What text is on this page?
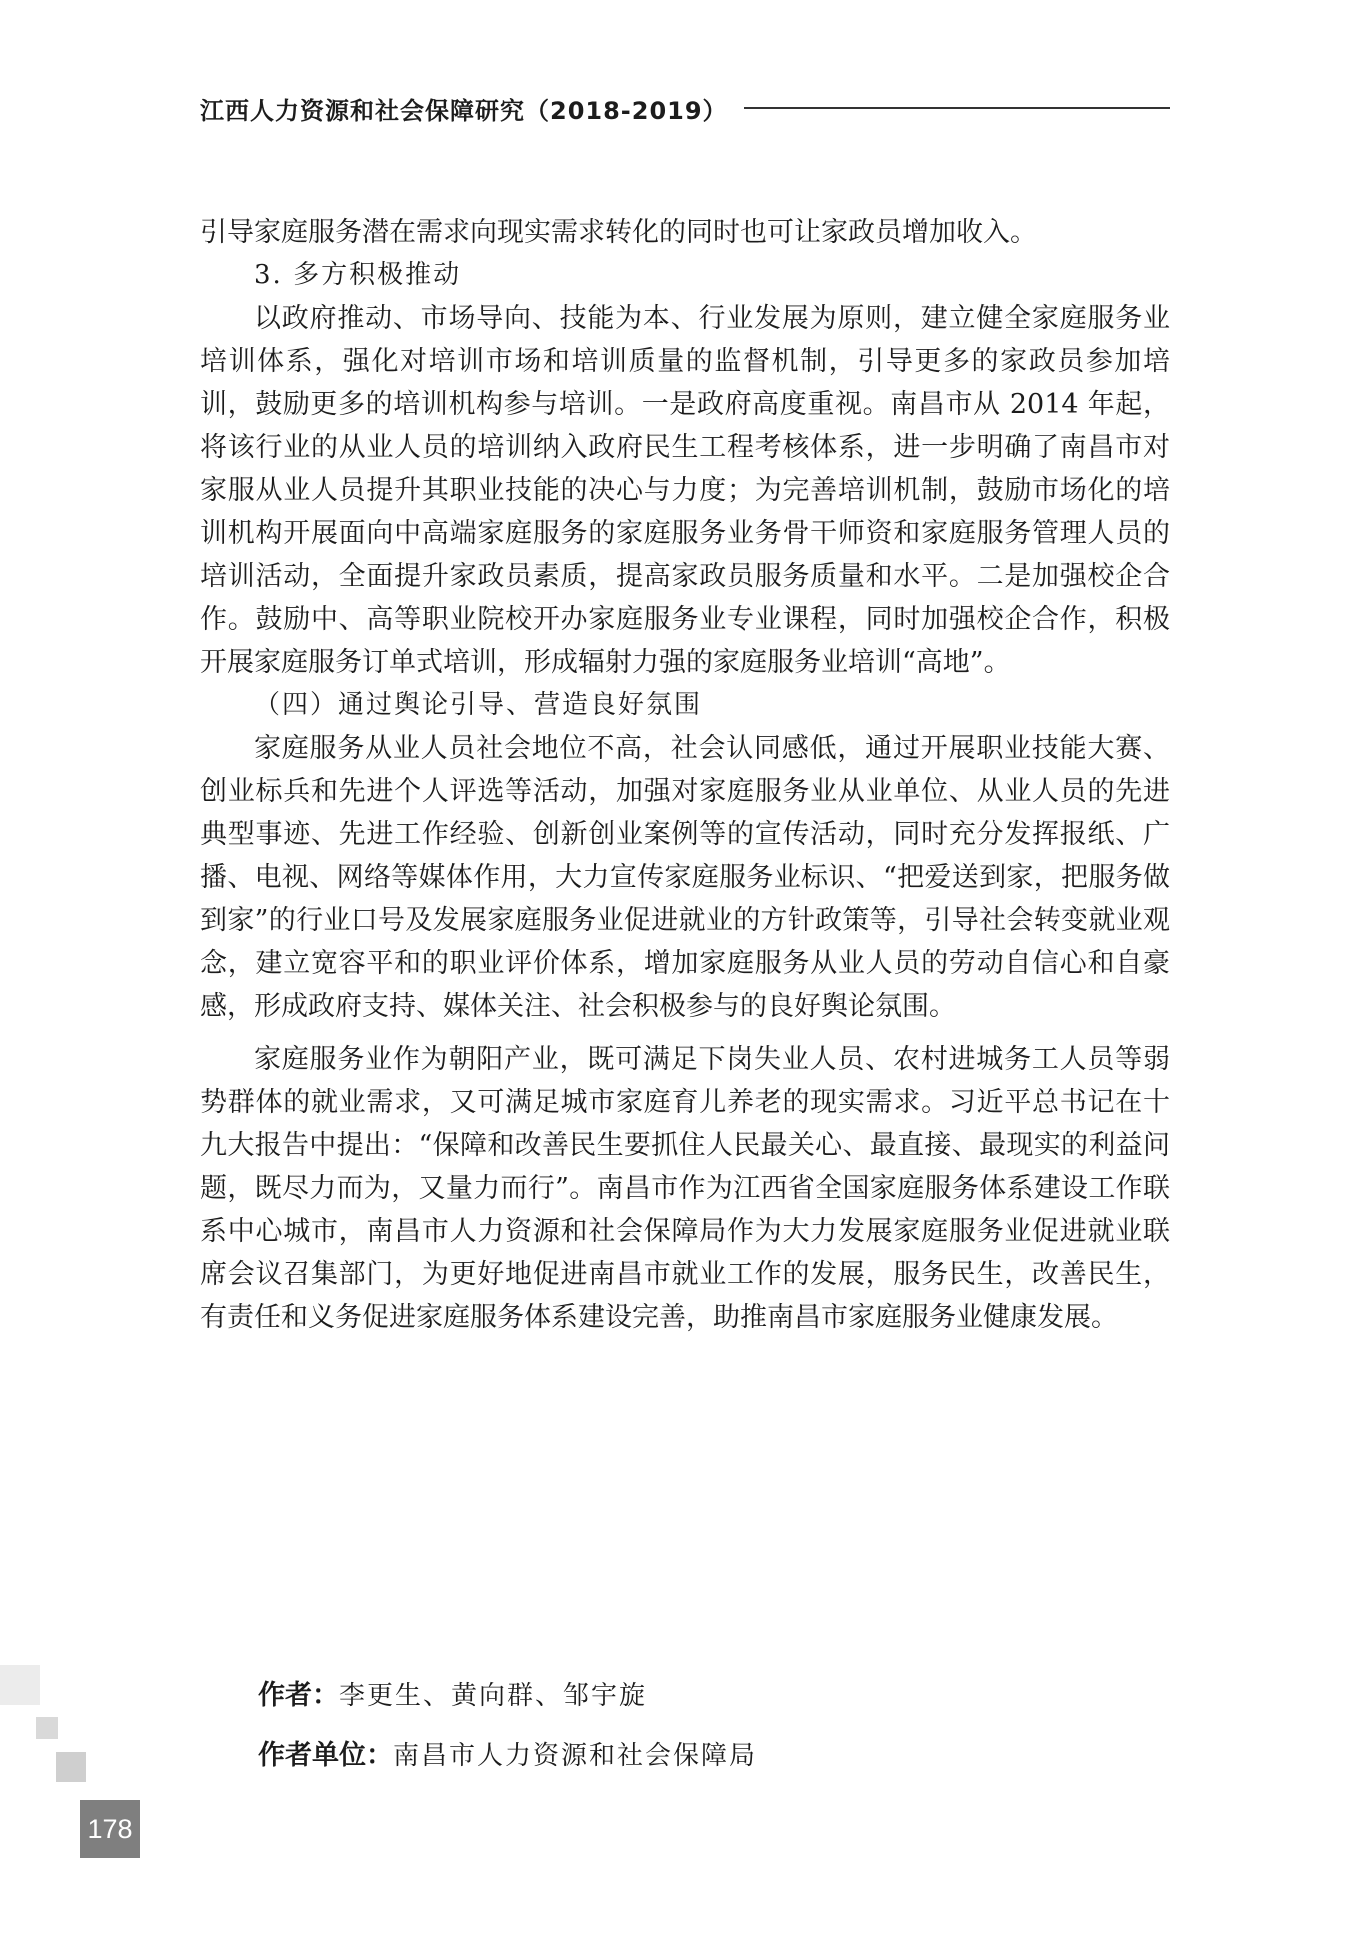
江西人力资源和社会保障研究（2018-2019）

引导家庭服务潜在需求向现实需求转化的同时也可让家政员增加收入。

3. 多方积极推动

以政府推动、市场导向、技能为本、行业发展为原则，建立健全家庭服务业培训体系，强化对培训市场和培训质量的监督机制，引导更多的家政员参加培训，鼓励更多的培训机构参与培训。一是政府高度重视。南昌市从 2014 年起，将该行业的从业人员的培训纳入政府民生工程考核体系，进一步明确了南昌市对家服从业人员提升其职业技能的决心与力度；为完善培训机制，鼓励市场化的培训机构开展面向中高端家庭服务的家庭服务业务骨干师资和家庭服务管理人员的培训活动，全面提升家政员素质，提高家政员服务质量和水平。二是加强校企合作。鼓励中、高等职业院校开办家庭服务业专业课程，同时加强校企合作，积极开展家庭服务订单式培训，形成辐射力强的家庭服务业培训“高地”。

（四）通过舆论引导、营造良好氛围

家庭服务从业人员社会地位不高，社会认同感低，通过开展职业技能大赛、创业标兵和先进个人评选等活动，加强对家庭服务业从业单位、从业人员的先进典型事迹、先进工作经验、创新创业案例等的宣传活动，同时充分发挥报纸、广播、电视、网络等媒体作用，大力宣传家庭服务业标识、“把爱送到家，把服务做到家”的行业口号及发展家庭服务业促进就业的方针政策等，引导社会转变就业观念，建立宽容平和的职业评价体系，增加家庭服务从业人员的劳动自信心和自豪感，形成政府支持、媒体关注、社会积极参与的良好舆论氛围。

家庭服务业作为朝阳产业，既可满足下岗失业人员、农村进城务工人员等弱势群体的就业需求，又可满足城市家庭育儿养老的现实需求。习近平总书记在十九大报告中提出：“保障和改善民生要抓住人民最关心、最直接、最现实的利益问题，既尽力而为，又量力而行”。南昌市作为江西省全国家庭服务体系建设工作联系中心城市，南昌市人力资源和社会保障局作为大力发展家庭服务业促进就业联席会议召集部门，为更好地促进南昌市就业工作的发展，服务民生，改善民生，有责任和义务促进家庭服务体系建设完善，助推南昌市家庭服务业健康发展。

作者：李更生、黄向群、邹宇旋

作者单位：南昌市人力资源和社会保障局

178
